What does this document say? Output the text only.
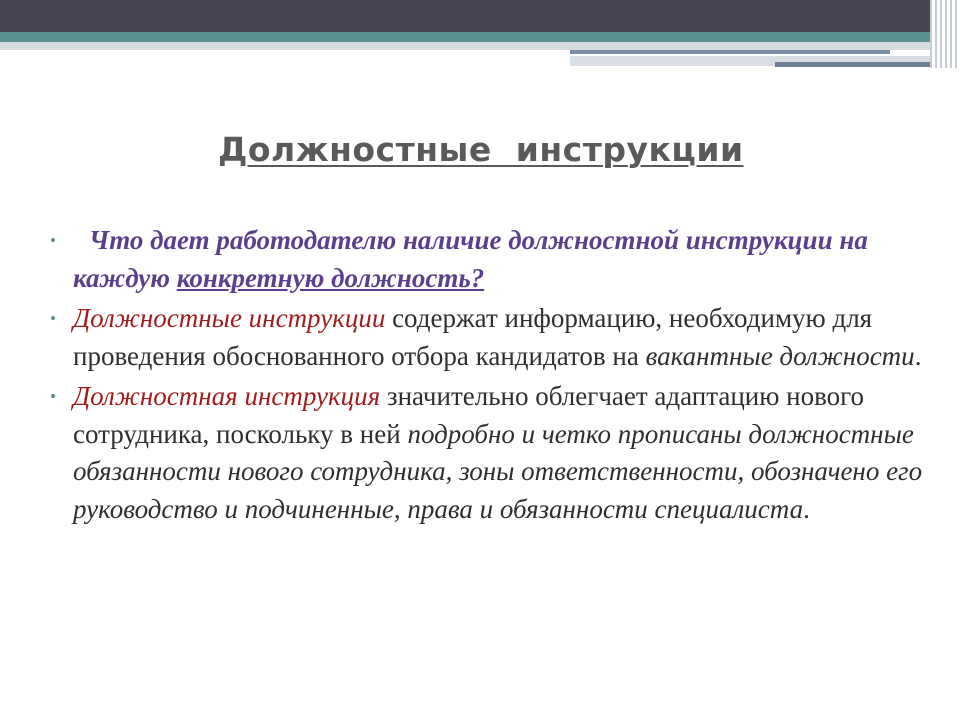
Должностные  инструкции
• Что дает работодателю наличие должностной инструкции на каждую конкретную должность?
• Должностные инструкции содержат информацию, необходимую для проведения обоснованного отбора кандидатов на вакантные должности.
• Должностная инструкция значительно облегчает адаптацию нового сотрудника, поскольку в ней подробно и четко прописаны должностные обязанности нового сотрудника, зоны ответственности, обозначено его руководство и подчиненные, права и обязанности специалиста.
